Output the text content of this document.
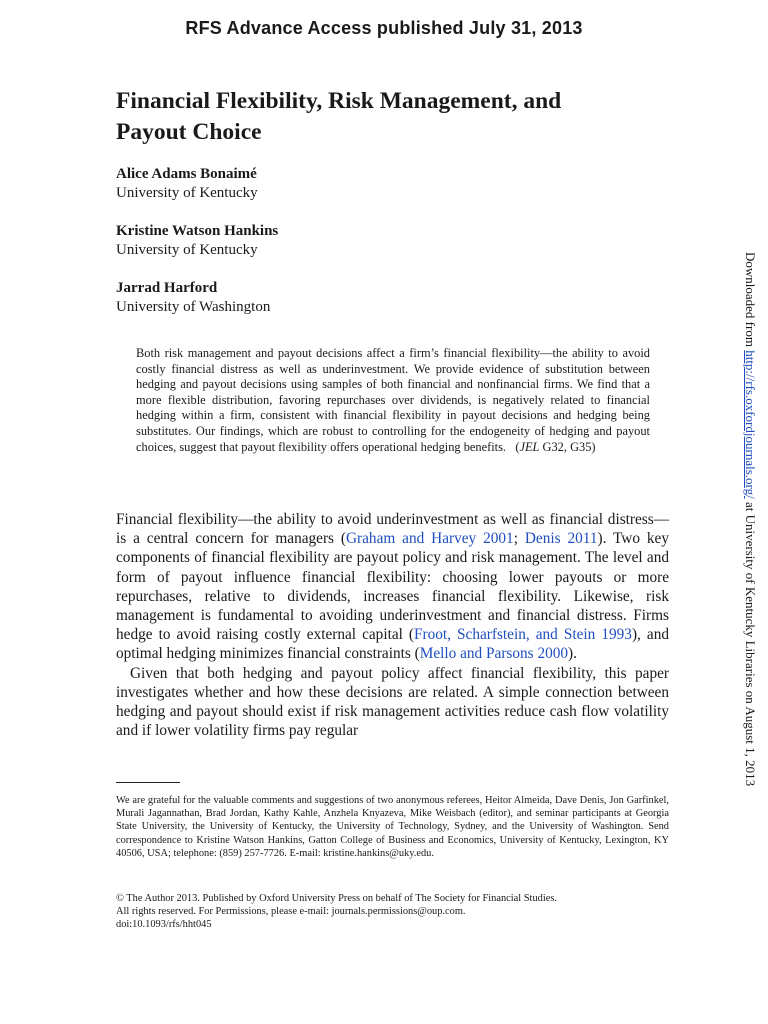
RFS Advance Access published July 31, 2013
Financial Flexibility, Risk Management, and
Payout Choice
Alice Adams Bonaimé
University of Kentucky
Kristine Watson Hankins
University of Kentucky
Jarrad Harford
University of Washington
Both risk management and payout decisions affect a firm’s financial flexibility—the ability to avoid costly financial distress as well as underinvestment. We provide evidence of substitution between hedging and payout decisions using samples of both financial and nonfinancial firms. We find that a more flexible distribution, favoring repurchases over dividends, is negatively related to financial hedging within a firm, consistent with financial flexibility in payout decisions and hedging being substitutes. Our findings, which are robust to controlling for the endogeneity of hedging and payout choices, suggest that payout flexibility offers operational hedging benefits.   (JEL G32, G35)

Financial flexibility—the ability to avoid underinvestment as well as financial distress—is a central concern for managers (Graham and Harvey 2001; Denis 2011). Two key components of financial flexibility are payout policy and risk management. The level and form of payout influence financial flexibility: choosing lower payouts or more repurchases, relative to dividends, increases financial flexibility. Likewise, risk management is fundamental to avoiding underinvestment and financial distress. Firms hedge to avoid raising costly external capital (Froot, Scharfstein, and Stein 1993), and optimal hedging minimizes financial constraints (Mello and Parsons 2000).

Given that both hedging and payout policy affect financial flexibility, this paper investigates whether and how these decisions are related. A simple connection between hedging and payout should exist if risk management activities reduce cash flow volatility and if lower volatility firms pay regular

We are grateful for the valuable comments and suggestions of two anonymous referees, Heitor Almeida, Dave Denis, Jon Garfinkel, Murali Jagannathan, Brad Jordan, Kathy Kahle, Anzhela Knyazeva, Mike Weisbach (editor), and seminar participants at Georgia State University, the University of Kentucky, the University of Technology, Sydney, and the University of Washington. Send correspondence to Kristine Watson Hankins, Gatton College of Business and Economics, University of Kentucky, Lexington, KY 40506, USA; telephone: (859) 257-7726. E-mail: kristine.hankins@uky.edu.
© The Author 2013. Published by Oxford University Press on behalf of The Society for Financial Studies.
All rights reserved. For Permissions, please e-mail: journals.permissions@oup.com.
doi:10.1093/rfs/hht045
Downloaded from http://rfs.oxfordjournals.org/ at University of Kentucky Libraries on August 1, 2013
